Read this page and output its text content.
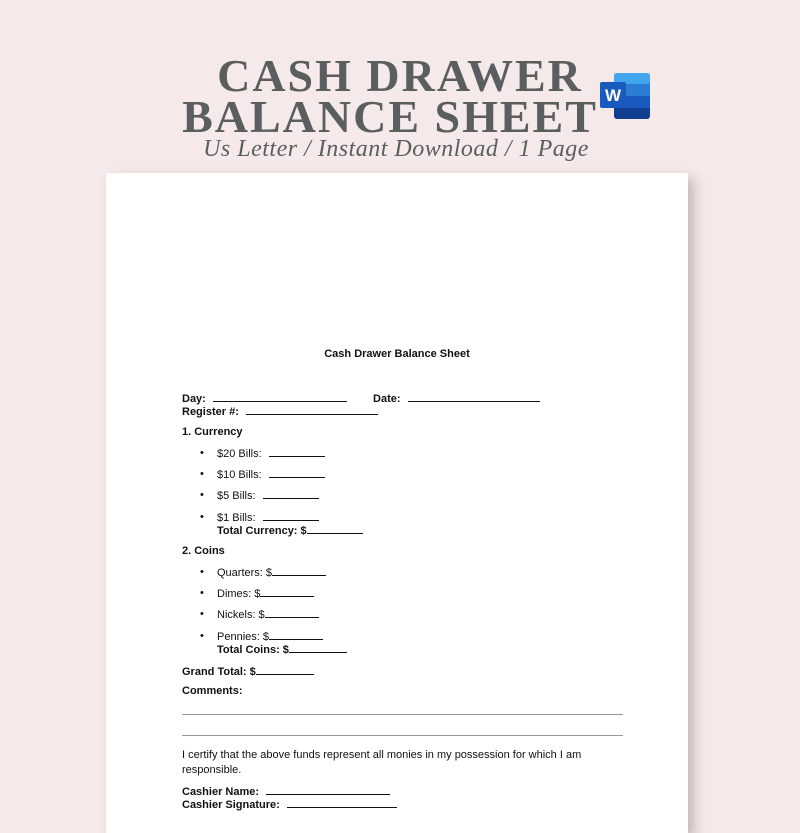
CASH DRAWER
BALANCE SHEET
Us Letter / Instant Download / 1 Page
W
Cash Drawer Balance Sheet
Day:	Date:
Register #:
1. Currency
• $20 Bills:
• $10 Bills:
• $5 Bills:
• $1 Bills:
Total Currency: $
2. Coins
• Quarters: $
• Dimes: $
• Nickels: $
• Pennies: $
Total Coins: $
Grand Total: $
Comments:
I certify that the above funds represent all monies in my possession for which I am responsible.
Cashier Name:
Cashier Signature:
